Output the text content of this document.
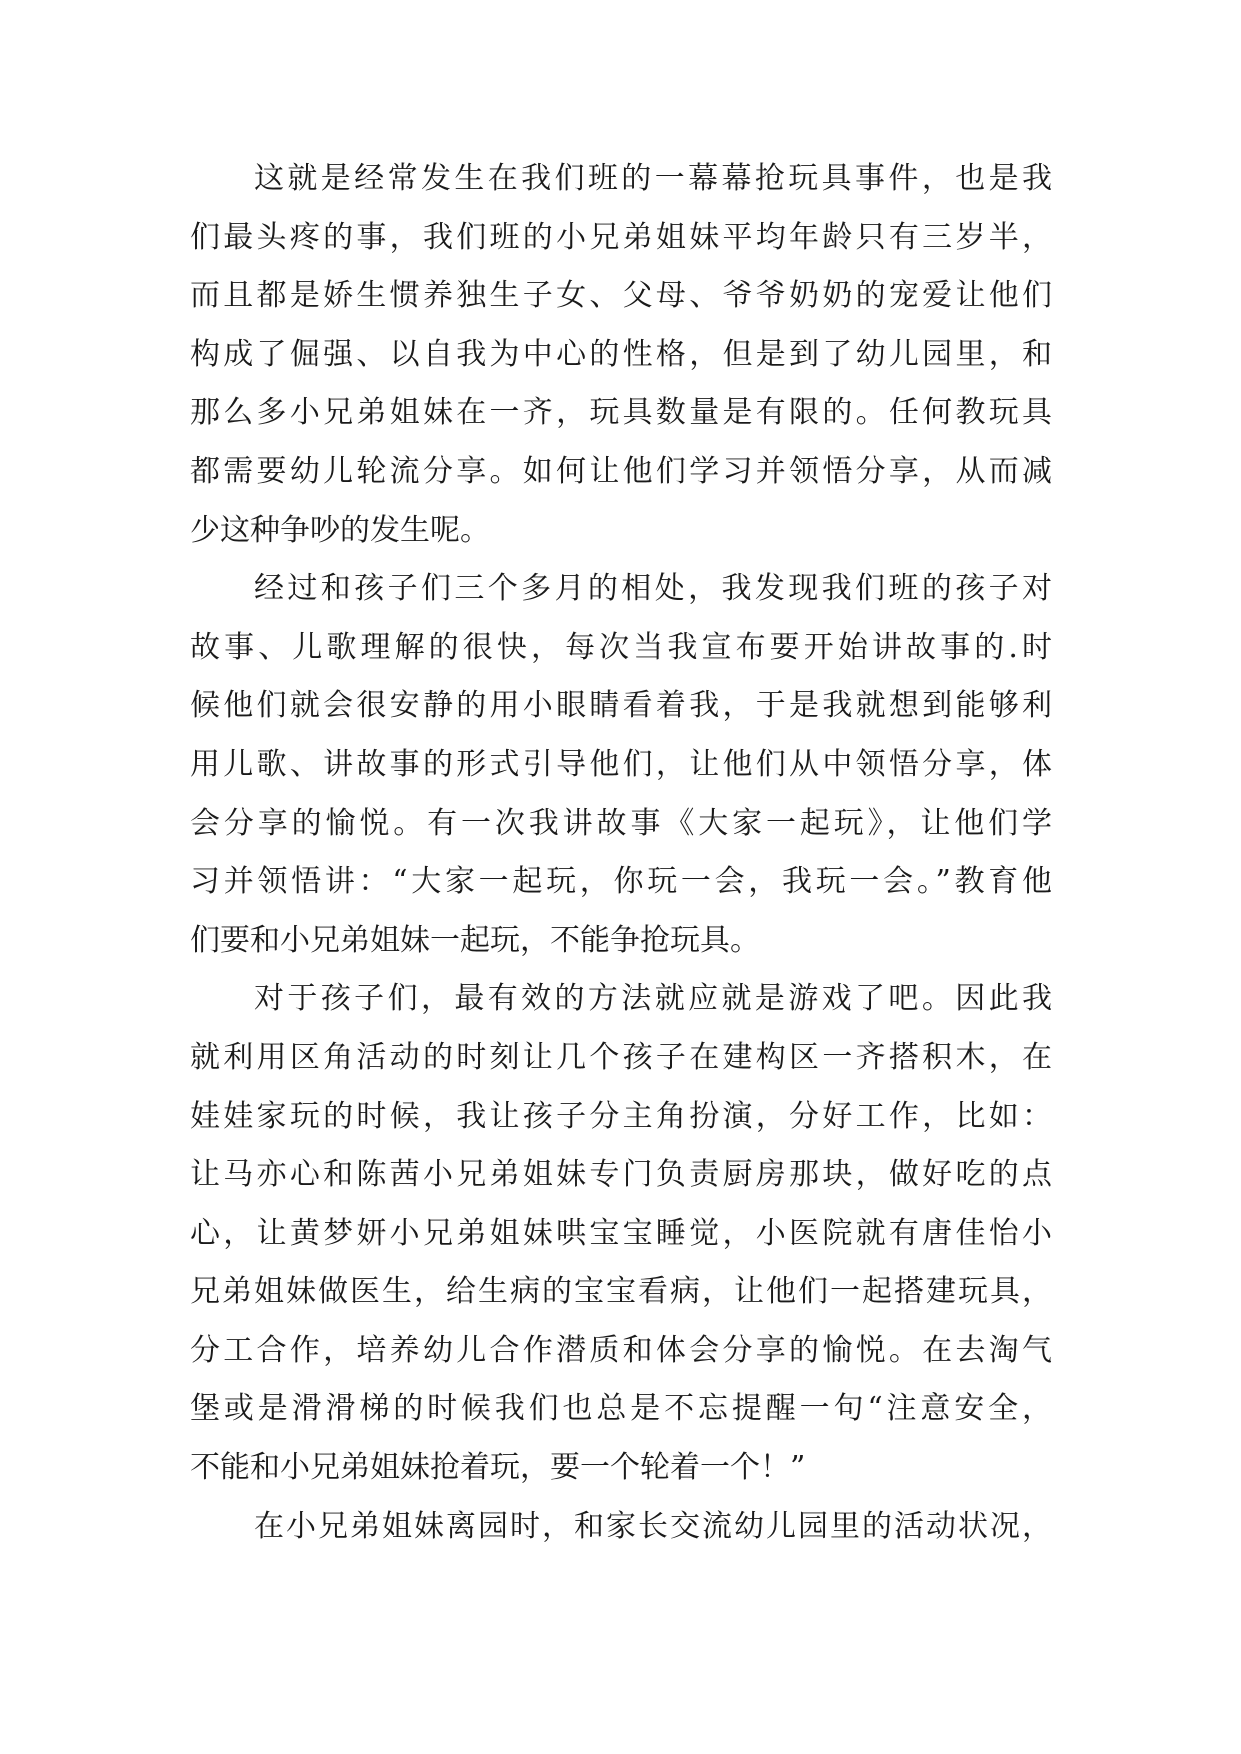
这就是经常发生在我们班的一幕幕抢玩具事件，也是我
们最头疼的事，我们班的小兄弟姐妹平均年龄只有三岁半，
而且都是娇生惯养独生子女、父母、爷爷奶奶的宠爱让他们
构成了倔强、以自我为中心的性格，但是到了幼儿园里，和
那么多小兄弟姐妹在一齐，玩具数量是有限的。任何教玩具
都需要幼儿轮流分享。如何让他们学习并领悟分享，从而减
少这种争吵的发生呢。
经过和孩子们三个多月的相处，我发现我们班的孩子对
故事、儿歌理解的很快，每次当我宣布要开始讲故事的.时
候他们就会很安静的用小眼睛看着我，于是我就想到能够利
用儿歌、讲故事的形式引导他们，让他们从中领悟分享，体
会分享的愉悦。有一次我讲故事《大家一起玩》，让他们学
习并领悟讲：“大家一起玩，你玩一会，我玩一会。”教育他
们要和小兄弟姐妹一起玩，不能争抢玩具。
对于孩子们，最有效的方法就应就是游戏了吧。因此我
就利用区角活动的时刻让几个孩子在建构区一齐搭积木，在
娃娃家玩的时候，我让孩子分主角扮演，分好工作，比如：
让马亦心和陈茜小兄弟姐妹专门负责厨房那块，做好吃的点
心，让黄梦妍小兄弟姐妹哄宝宝睡觉，小医院就有唐佳怡小
兄弟姐妹做医生，给生病的宝宝看病，让他们一起搭建玩具，
分工合作，培养幼儿合作潜质和体会分享的愉悦。在去淘气
堡或是滑滑梯的时候我们也总是不忘提醒一句“注意安全，
不能和小兄弟姐妹抢着玩，要一个轮着一个！”
在小兄弟姐妹离园时，和家长交流幼儿园里的活动状况，
